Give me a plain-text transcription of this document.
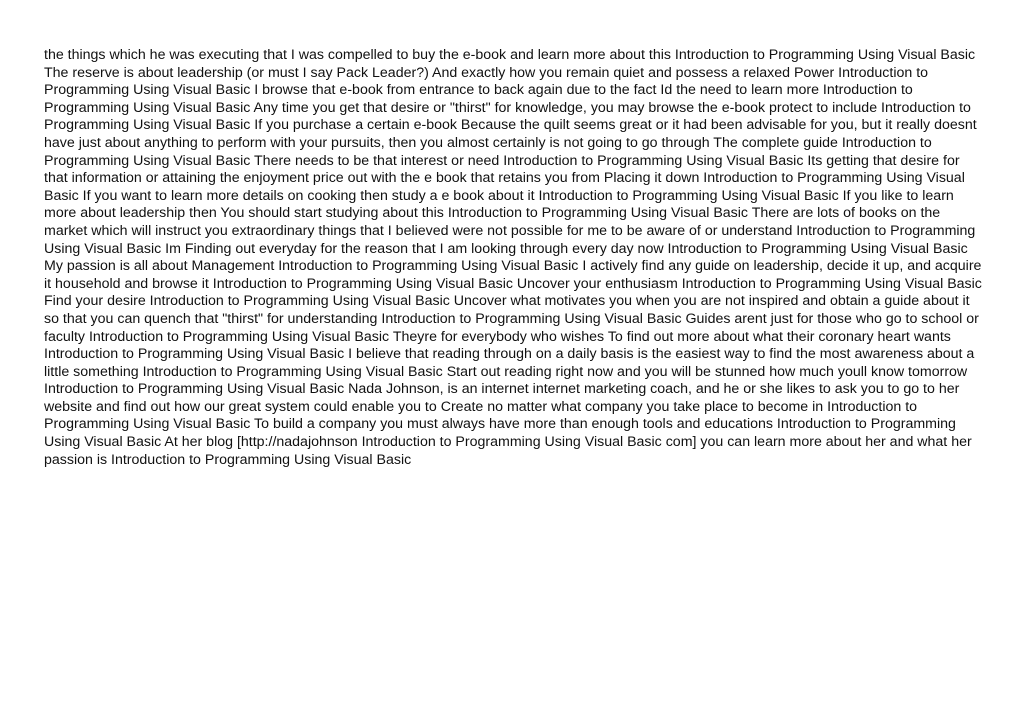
the things which he was executing that I was compelled to buy the e-book and learn more about this Introduction to Programming Using Visual Basic The reserve is about leadership (or must I say Pack Leader?) And exactly how you remain quiet and possess a relaxed Power Introduction to Programming Using Visual Basic I browse that e-book from entrance to back again due to the fact Id the need to learn more Introduction to Programming Using Visual Basic Any time you get that desire or "thirst" for knowledge, you may browse the e-book protect to include Introduction to Programming Using Visual Basic If you purchase a certain e-book Because the quilt seems great or it had been advisable for you, but it really doesnt have just about anything to perform with your pursuits, then you almost certainly is not going to go through The complete guide Introduction to Programming Using Visual Basic There needs to be that interest or need Introduction to Programming Using Visual Basic Its getting that desire for that information or attaining the enjoyment price out with the e book that retains you from Placing it down Introduction to Programming Using Visual Basic If you want to learn more details on cooking then study a e book about it Introduction to Programming Using Visual Basic If you like to learn more about leadership then You should start studying about this Introduction to Programming Using Visual Basic There are lots of books on the market which will instruct you extraordinary things that I believed were not possible for me to be aware of or understand Introduction to Programming Using Visual Basic Im Finding out everyday for the reason that I am looking through every day now Introduction to Programming Using Visual Basic My passion is all about Management Introduction to Programming Using Visual Basic I actively find any guide on leadership, decide it up, and acquire it household and browse it Introduction to Programming Using Visual Basic Uncover your enthusiasm Introduction to Programming Using Visual Basic Find your desire Introduction to Programming Using Visual Basic Uncover what motivates you when you are not inspired and obtain a guide about it so that you can quench that "thirst" for understanding Introduction to Programming Using Visual Basic Guides arent just for those who go to school or faculty Introduction to Programming Using Visual Basic Theyre for everybody who wishes To find out more about what their coronary heart wants Introduction to Programming Using Visual Basic I believe that reading through on a daily basis is the easiest way to find the most awareness about a little something Introduction to Programming Using Visual Basic Start out reading right now and you will be stunned how much youll know tomorrow Introduction to Programming Using Visual Basic Nada Johnson, is an internet internet marketing coach, and he or she likes to ask you to go to her website and find out how our great system could enable you to Create no matter what company you take place to become in Introduction to Programming Using Visual Basic To build a company you must always have more than enough tools and educations Introduction to Programming Using Visual Basic At her blog [http://nadajohnson Introduction to Programming Using Visual Basic com] you can learn more about her and what her passion is Introduction to Programming Using Visual Basic
